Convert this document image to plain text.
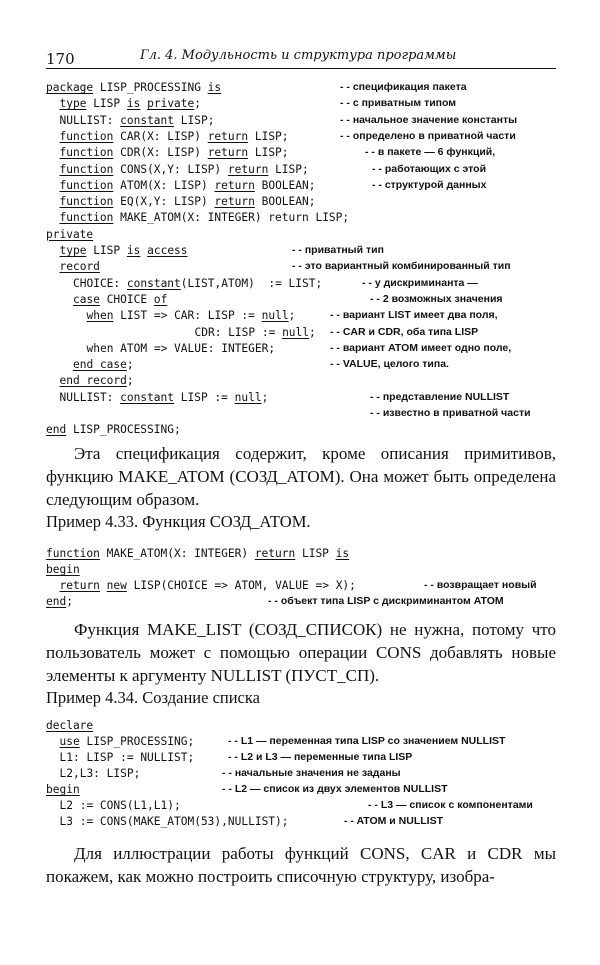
170	Гл. 4. Модульность и структура программы
package LISP_PROCESSING is	- - спецификация пакета
type LISP is private;	- - с приватным типом
NULLIST: constant LISP;	- - начальное значение константы
function CAR(X: LISP) return LISP;	- - определено в приватной части
function CDR(X: LISP) return LISP;	- - в пакете — 6 функций,
function CONS(X,Y: LISP) return LISP;	- - работающих с этой
function ATOM(X: LISP) return BOOLEAN;	- - структурой данных
function EQ(X,Y: LISP) return BOOLEAN;
function MAKE_ATOM(X: INTEGER) return LISP;
private
type LISP is access	- - приватный тип
record	- - это вариантный комбинированный тип
CHOICE: constant(LIST,ATOM)  := LIST;	- - у дискриминанта —
case CHOICE of	- - 2 возможных значения
when LIST => CAR: LISP := null;	- - вариант LIST имеет два поля,
CDR: LISP := null; - - CAR и CDR, оба типа LISP
when ATOM => VALUE: INTEGER;	- - вариант ATOM имеет одно поле,
end case;	- - VALUE, целого типа.
end record;
NULLIST: constant LISP := null;	- - представление NULLIST
- - известно в приватной части
end LISP_PROCESSING;
Эта спецификация содержит, кроме описания примитивов, функцию MAKE_ATOM (СОЗД_АТОМ). Она может быть определена следующим образом.
Пример 4.33. Функция СОЗД_АТОМ.
function MAKE_ATOM(X: INTEGER) return LISP is
begin
return new LISP(CHOICE => ATOM, VALUE => X);	- - возвращает новый
end;	- - объект типа LISP с дискриминантом ATOM
Функция MAKE_LIST (СОЗД_СПИСОК) не нужна, потому что пользователь может с помощью операции CONS добавлять новые элементы к аргументу NULLIST (ПУСТ_СП).
Пример 4.34. Создание списка
declare
use LISP_PROCESSING;	- - L1 — переменная типа LISP со значением NULLIST
L1: LISP := NULLIST;	- - L2 и L3 — переменные типа LISP
L2,L3: LISP;	- - начальные значения не заданы
begin	- - L2 — список из двух элементов NULLIST
L2 := CONS(L1,L1);	- - L3 — список с компонентами
L3 := CONS(MAKE_ATOM(53),NULLIST);	- - ATOM и NULLIST
Для иллюстрации работы функций CONS, CAR и CDR мы покажем, как можно построить списочную структуру, изобра-
